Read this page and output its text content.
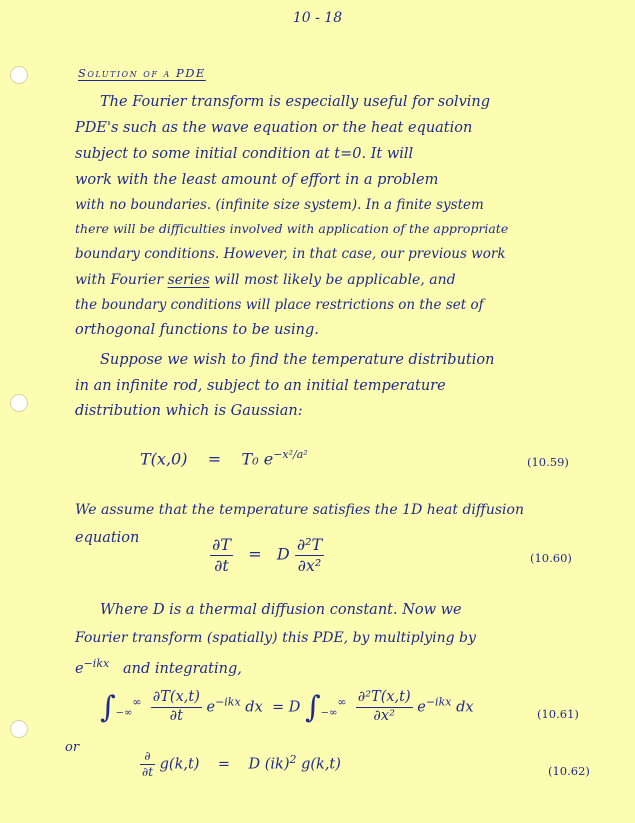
10 - 18
Solution of a PDE
The Fourier transform is especially useful for solving
PDE's such as the wave equation or the heat equation
subject to some initial condition at t=0. It will
work with the least amount of effort in a problem
with no boundaries. (infinite size system). In a finite system
there will be difficulties involved with application of the appropriate
boundary conditions. However, in that case, our previous work
with Fourier series will most likely be applicable, and
the boundary conditions will place restrictions on the set of
orthogonal functions to be using.
Suppose we wish to find the temperature distribution
in an infinite rod, subject to an initial temperature
distribution which is Gaussian:
T(x,0) = T₀ $e^{-x^2/a^2}$
(10.59)
We assume that the temperature satisfies the 1D heat diffusion
equation	$\frac{\partial T}{\partial t} = D \frac{\text{∂²T}}{\text{∂x²}}$	(10.60)
Where D is a thermal diffusion constant. Now we
Fourier transform (spatially) this PDE, by multiplying by
$e^{-ikx}$ and integrating,
$\int_{-\infty}^\infty \frac{\partial T(x,t)}{\partial t} e^{-ikx}$ dx = D $\int_{-\infty}^\infty \frac{\text{∂²T(x,t)}}{\text{∂x²}} e^{-ikx}$ dx	(10.61)
or
$\frac{\partial}{\partial t} g(k,t) = D$ (ik)$^2$ g(k,t)	(10.62)
